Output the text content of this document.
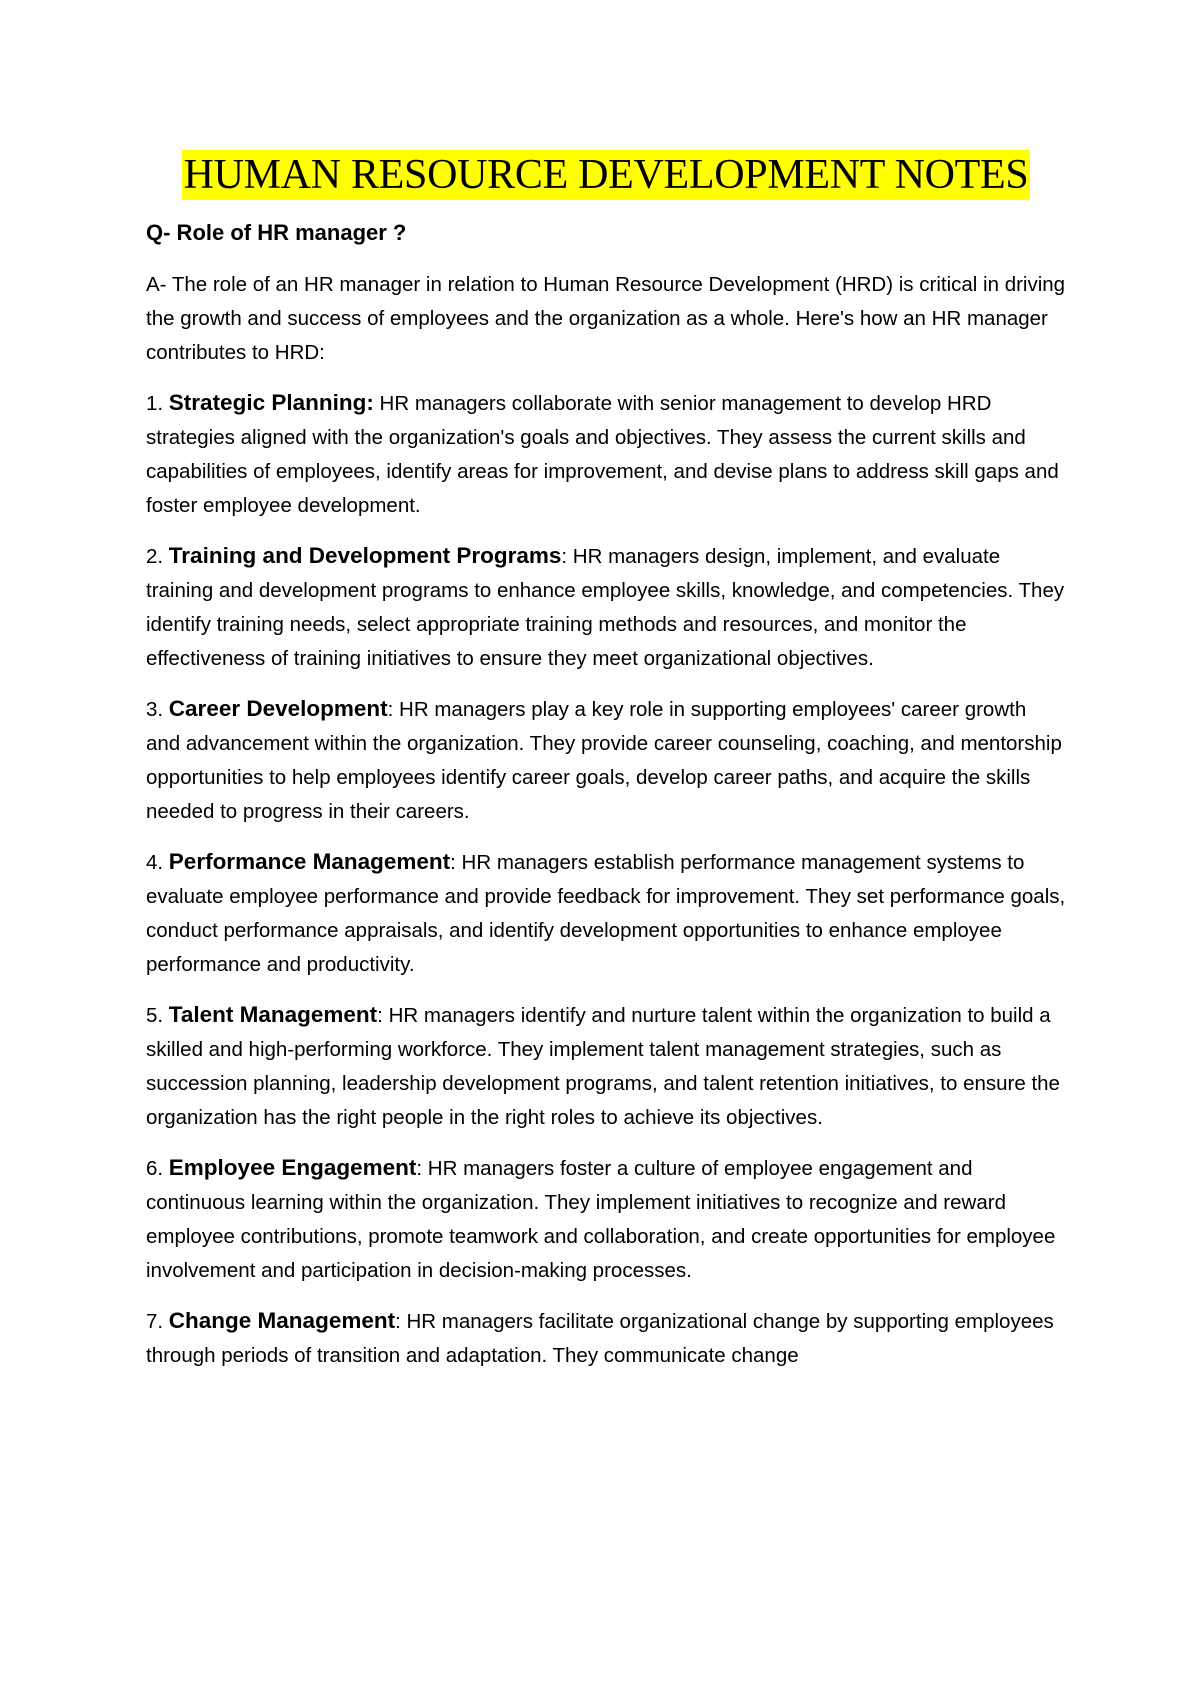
HUMAN RESOURCE DEVELOPMENT NOTES

Q- Role of HR manager ?

A- The role of an HR manager in relation to Human Resource Development (HRD) is critical in driving the growth and success of employees and the organization as a whole. Here's how an HR manager contributes to HRD:

1. Strategic Planning: HR managers collaborate with senior management to develop HRD strategies aligned with the organization's goals and objectives. They assess the current skills and capabilities of employees, identify areas for improvement, and devise plans to address skill gaps and foster employee development.

2. Training and Development Programs: HR managers design, implement, and evaluate training and development programs to enhance employee skills, knowledge, and competencies. They identify training needs, select appropriate training methods and resources, and monitor the effectiveness of training initiatives to ensure they meet organizational objectives.

3. Career Development: HR managers play a key role in supporting employees' career growth and advancement within the organization. They provide career counseling, coaching, and mentorship opportunities to help employees identify career goals, develop career paths, and acquire the skills needed to progress in their careers.

4. Performance Management: HR managers establish performance management systems to evaluate employee performance and provide feedback for improvement. They set performance goals, conduct performance appraisals, and identify development opportunities to enhance employee performance and productivity.

5. Talent Management: HR managers identify and nurture talent within the organization to build a skilled and high-performing workforce. They implement talent management strategies, such as succession planning, leadership development programs, and talent retention initiatives, to ensure the organization has the right people in the right roles to achieve its objectives.

6. Employee Engagement: HR managers foster a culture of employee engagement and continuous learning within the organization. They implement initiatives to recognize and reward employee contributions, promote teamwork and collaboration, and create opportunities for employee involvement and participation in decision-making processes.

7. Change Management: HR managers facilitate organizational change by supporting employees through periods of transition and adaptation. They communicate change
